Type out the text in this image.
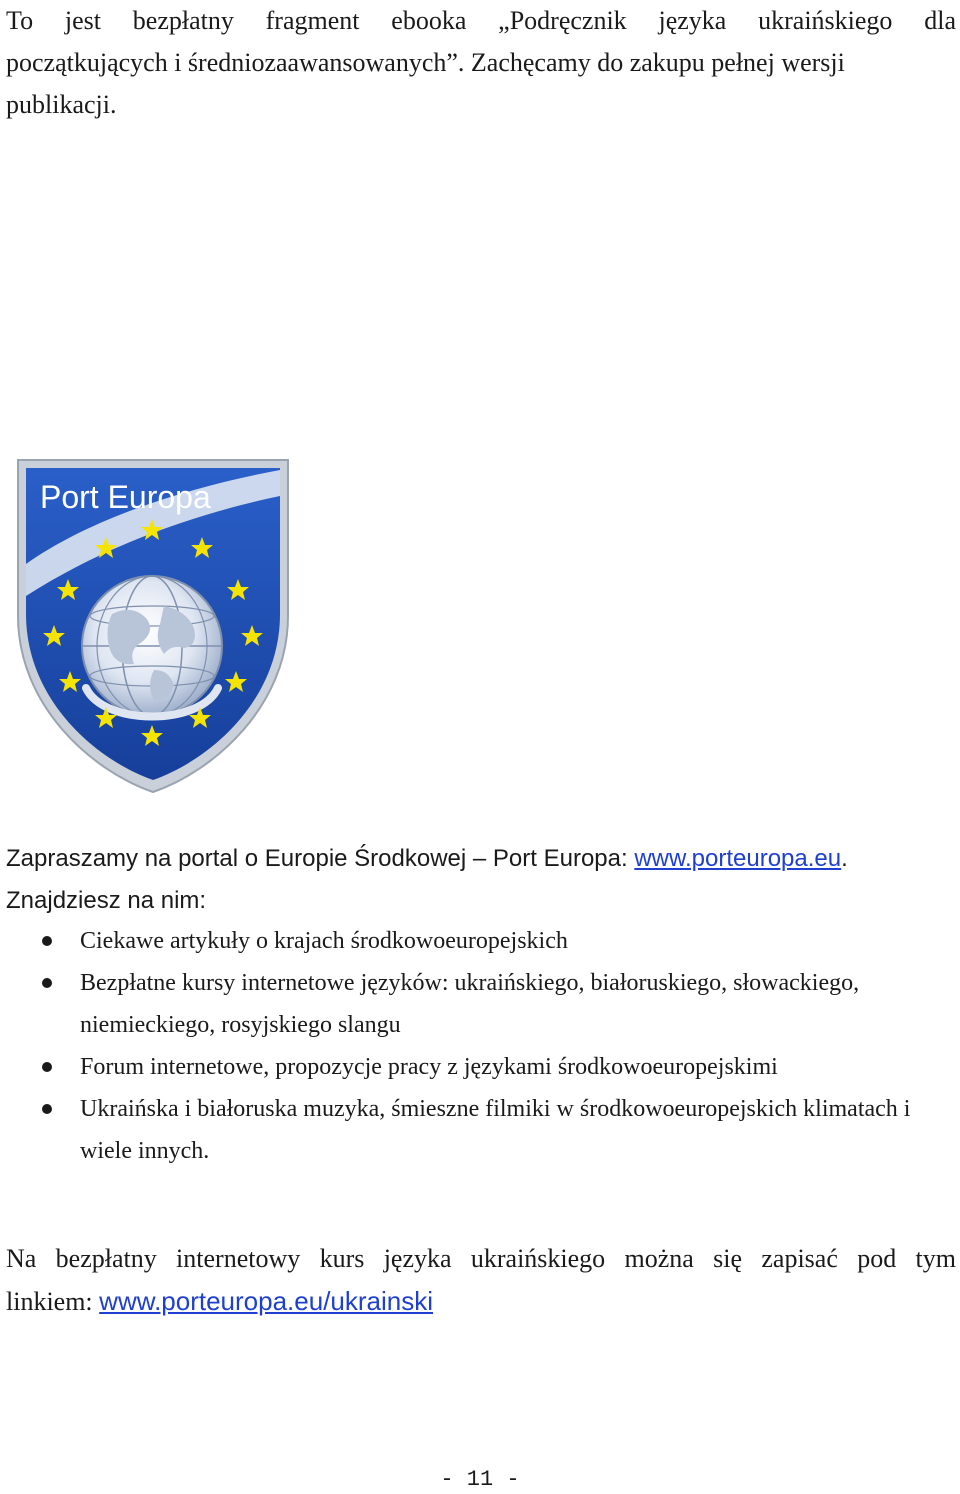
To jest bezpłatny fragment ebooka „Podręcznik języka ukraińskiego dla
początkujących i średniozaawansowanych”. Zachęcamy do zakupu pełnej wersji
publikacji.

Port Europa

Zapraszamy na portal o Europie Środkowej – Port Europa: www.porteuropa.eu.
Znajdziesz na nim:

Ciekawe artykuły o krajach środkowoeuropejskich
Bezpłatne kursy internetowe języków: ukraińskiego, białoruskiego, słowackiego, niemieckiego, rosyjskiego slangu
Forum internetowe, propozycje pracy z językami środkowoeuropejskimi
Ukraińska i białoruska muzyka, śmieszne filmiki w środkowoeuropejskich klimatach i wiele innych.

Na bezpłatny internetowy kurs języka ukraińskiego można się zapisać pod tym
linkiem: www.porteuropa.eu/ukrainski

- 11 -
